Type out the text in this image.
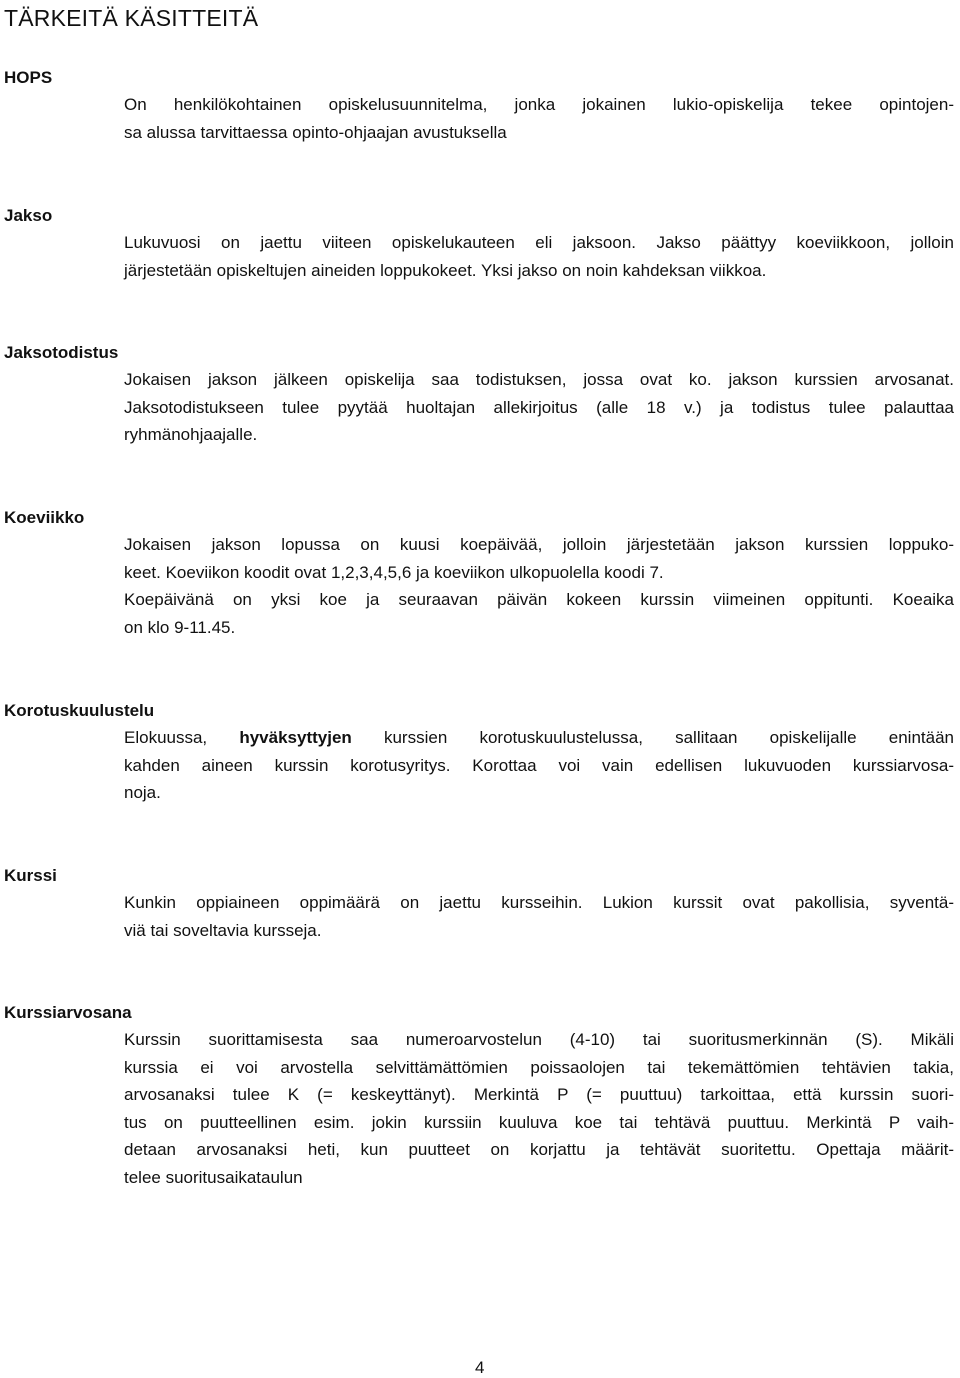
TÄRKEITÄ KÄSITTEITÄ
HOPS

On henkilökohtainen opiskelusuunnitelma, jonka jokainen lukio-opiskelija tekee opintojen-
sa alussa tarvittaessa opinto-ohjaajan avustuksella

Jakso

Lukuvuosi on jaettu viiteen opiskelukauteen eli jaksoon. Jakso päättyy koeviikkoon, jolloin
järjestetään opiskeltujen aineiden loppukokeet. Yksi jakso on noin kahdeksan viikkoa.

Jaksotodistus

Jokaisen jakson jälkeen opiskelija saa todistuksen, jossa ovat ko. jakson kurssien arvosanat.
Jaksotodistukseen tulee pyytää huoltajan allekirjoitus (alle 18 v.) ja todistus tulee palauttaa
ryhmänohjaajalle.

Koeviikko

Jokaisen jakson lopussa on kuusi koepäivää, jolloin järjestetään jakson kurssien loppuko-
keet. Koeviikon koodit ovat 1,2,3,4,5,6 ja koeviikon ulkopuolella koodi 7.
Koepäivänä on yksi koe ja seuraavan päivän kokeen kurssin viimeinen oppitunti. Koeaika
on klo 9-11.45.

Korotuskuulustelu

Elokuussa, hyväksyttyjen kurssien korotuskuulustelussa, sallitaan opiskelijalle enintään
kahden aineen kurssin korotusyritys. Korottaa voi vain edellisen lukuvuoden kurssiarvosa-
noja.

Kurssi

Kunkin oppiaineen oppimäärä on jaettu kursseihin. Lukion kurssit ovat pakollisia, syventä-
viä tai soveltavia kursseja.

Kurssiarvosana

Kurssin suorittamisesta saa numeroarvostelun (4-10) tai suoritusmerkinnän (S). Mikäli
kurssia ei voi arvostella selvittämättömien poissaolojen tai tekemättömien tehtävien takia,
arvosanaksi tulee K (= keskeyttänyt). Merkintä P (= puuttuu) tarkoittaa, että kurssin suori-
tus on puutteellinen esim. jokin kurssiin kuuluva koe tai tehtävä puuttuu. Merkintä P vaih-
detaan arvosanaksi heti, kun puutteet on korjattu ja tehtävät suoritettu. Opettaja määrit-
telee suoritusaikataulun

4
